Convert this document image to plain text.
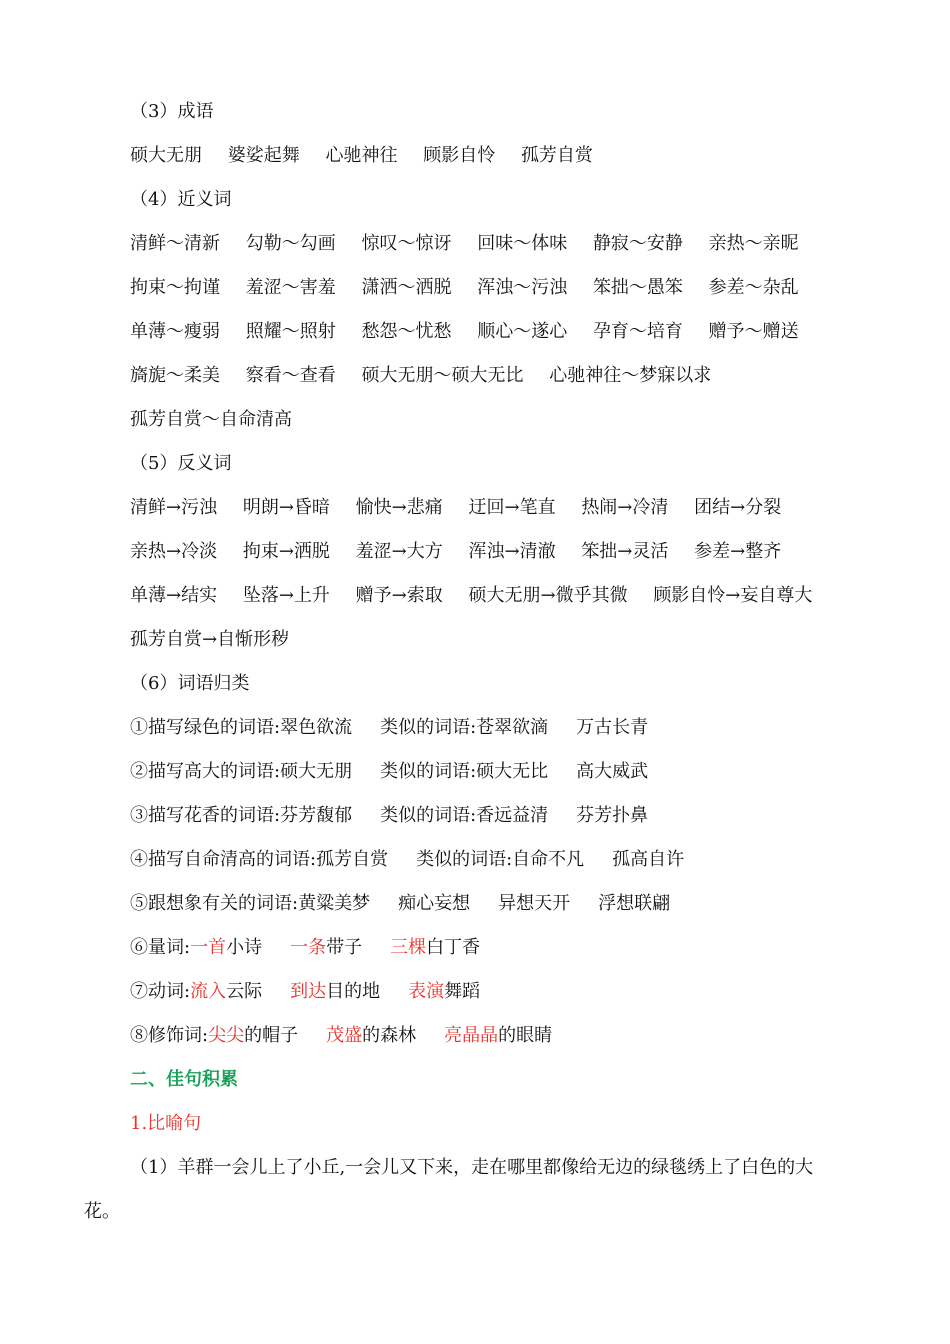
（3）成语
硕大无朋 婆娑起舞 心驰神往 顾影自怜 孤芳自赏
（4）近义词
清鲜～清新 勾勒～勾画 惊叹～惊讶 回味～体味 静寂～安静 亲热～亲昵
拘束～拘谨 羞涩～害羞 潇洒～洒脱 浑浊～污浊 笨拙～愚笨 参差～杂乱
单薄～瘦弱 照耀～照射 愁怨～忧愁 顺心～遂心 孕育～培育 赠予～赠送
旖旎～柔美 察看～查看 硕大无朋～硕大无比 心驰神往～梦寐以求
孤芳自赏～自命清高
（5）反义词
清鲜→污浊 明朗→昏暗 愉快→悲痛 迂回→笔直 热闹→冷清 团结→分裂
亲热→冷淡 拘束→洒脱 羞涩→大方 浑浊→清澈 笨拙→灵活 参差→整齐
单薄→结实 坠落→上升 赠予→索取 硕大无朋→微乎其微 顾影自怜→妄自尊大
孤芳自赏→自惭形秽
（6）词语归类
①描写绿色的词语:翠色欲流 类似的词语:苍翠欲滴 万古长青
②描写高大的词语:硕大无朋 类似的词语:硕大无比 高大威武
③描写花香的词语:芬芳馥郁 类似的词语:香远益清 芬芳扑鼻
④描写自命清高的词语:孤芳自赏 类似的词语:自命不凡 孤高自许
⑤跟想象有关的词语:黄粱美梦 痴心妄想 异想天开 浮想联翩
⑥量词:一首小诗 一条带子 三棵白丁香
⑦动词:流入云际 到达目的地 表演舞蹈
⑧修饰词:尖尖的帽子 茂盛的森林 亮晶晶的眼睛
二、佳句积累
1.比喻句
（1）羊群一会儿上了小丘,一会儿又下来，走在哪里都像给无边的绿毯绣上了白色的大
花。
